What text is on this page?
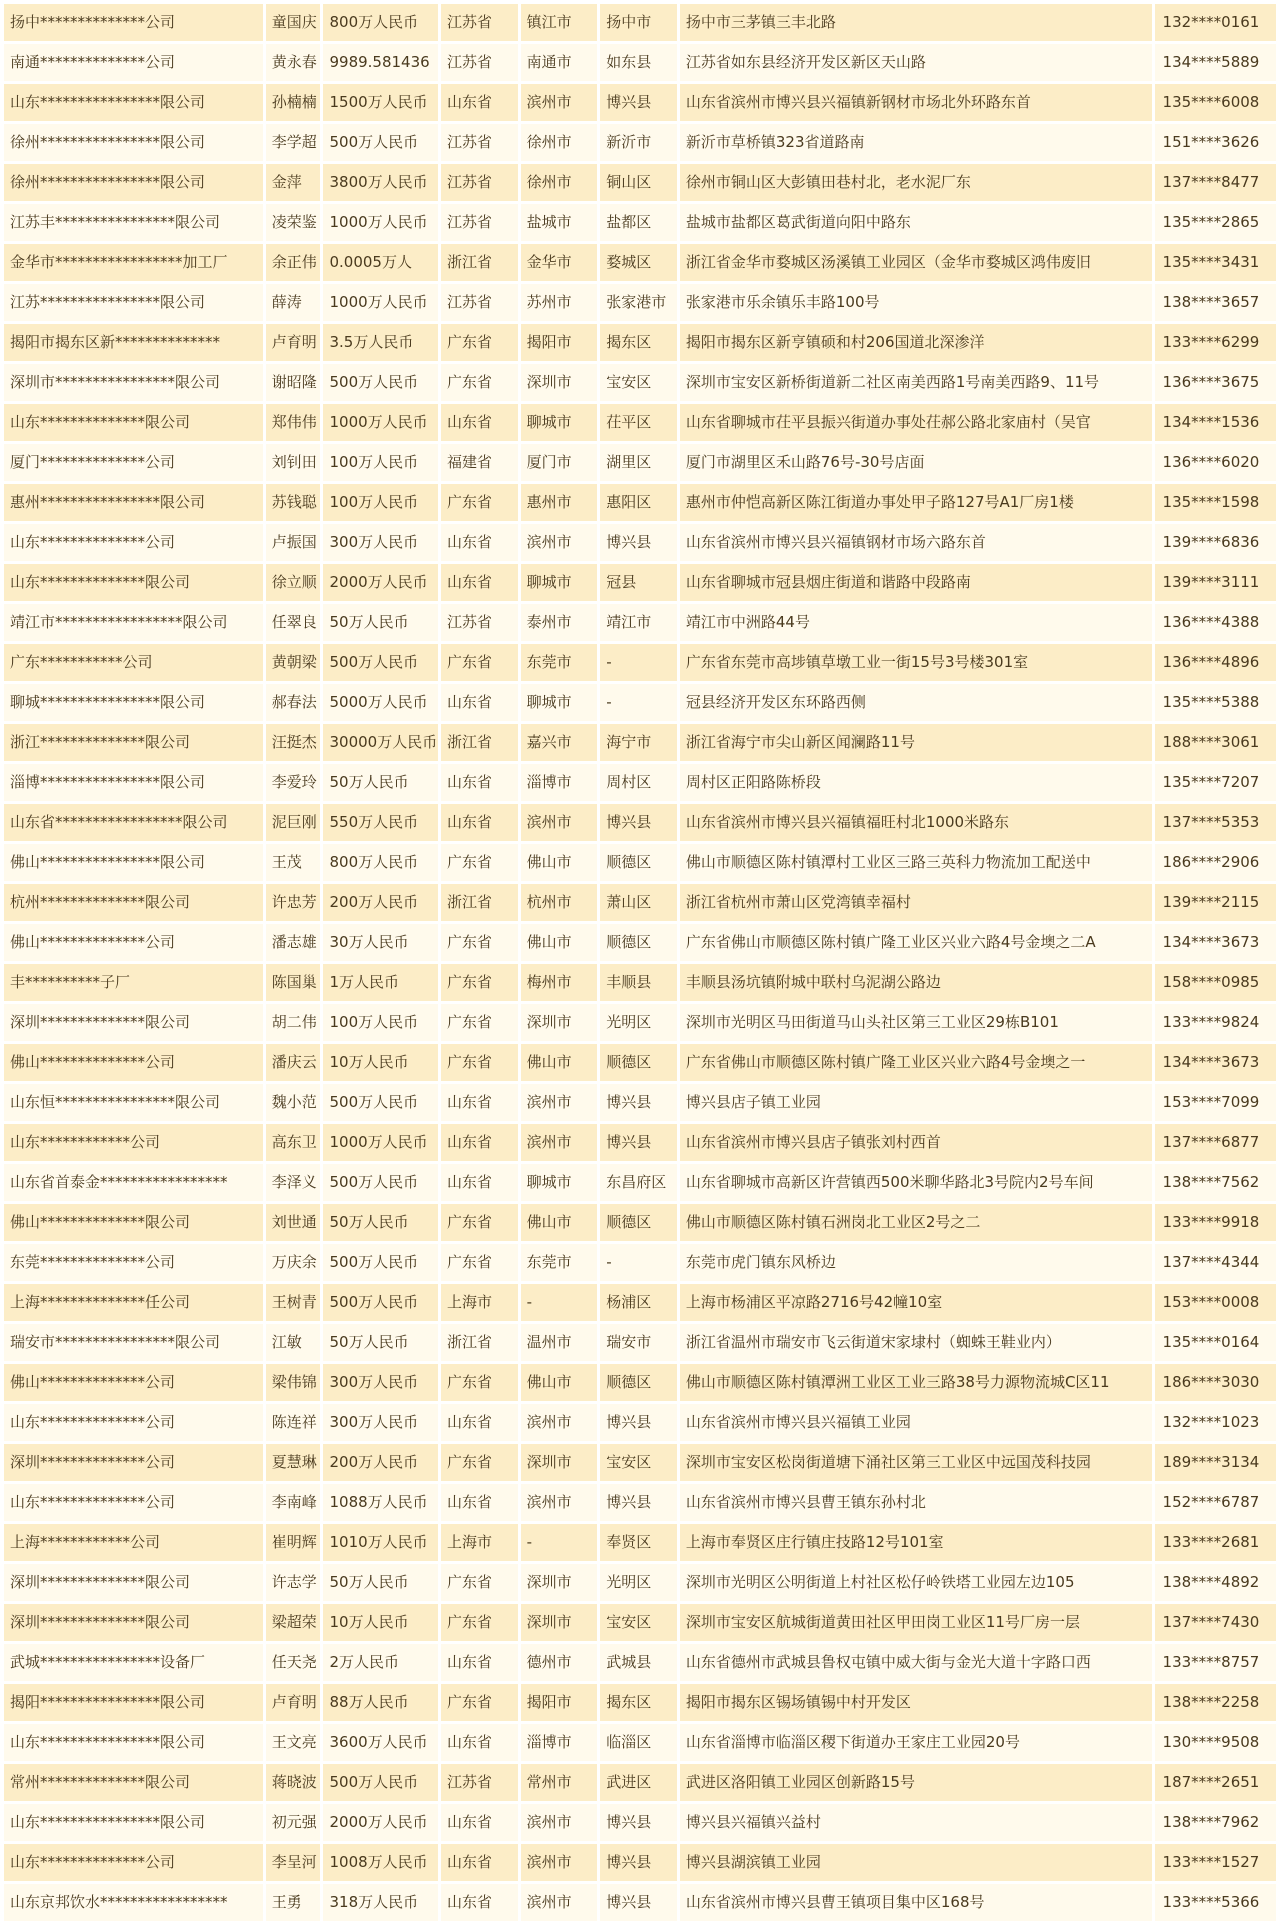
扬中**************公司	童国庆 800万人民币	江苏省	镇江市	扬中市	扬中市三茅镇三丰北路	132****0161
南通**************公司	黄永春 9989.581436	江苏省	南通市	如东县	江苏省如东县经济开发区新区天山路	134****5889
山东****************限公司	孙楠楠 1500万人民币	山东省	滨州市	博兴县	山东省滨州市博兴县兴福镇新钢材市场北外环路东首	135****6008
徐州****************限公司	李学超 500万人民币	江苏省	徐州市	新沂市	新沂市草桥镇323省道路南	151****3626
徐州****************限公司	金萍	3800万人民币	江苏省	徐州市	铜山区	徐州市铜山区大彭镇田巷村北，老水泥厂东	137****8477
江苏丰****************限公司	凌荣鉴 1000万人民币	江苏省	盐城市	盐都区	盐城市盐都区葛武街道向阳中路东	135****2865
金华市*****************加工厂	余正伟 0.0005万人	浙江省	金华市	婺城区	浙江省金华市婺城区汤溪镇工业园区（金华市婺城区鸿伟废旧	135****3431
江苏****************限公司	薛涛	1000万人民币	江苏省	苏州市	张家港市	张家港市乐余镇乐丰路100号	138****3657
揭阳市揭东区新**************	卢育明 3.5万人民币	广东省	揭阳市	揭东区	揭阳市揭东区新亨镇硕和村206国道北深渗洋	133****6299
深圳市****************限公司	谢昭隆 500万人民币	广东省	深圳市	宝安区	深圳市宝安区新桥街道新二社区南美西路1号南美西路9、11号	136****3675
山东**************限公司	郑伟伟 1000万人民币	山东省	聊城市	茌平区	山东省聊城市茌平县振兴街道办事处茌郝公路北家庙村（吴官	134****1536
厦门**************公司	刘钊田 100万人民币	福建省	厦门市	湖里区	厦门市湖里区禾山路76号-30号店面	136****6020
惠州****************限公司	苏钱聪 100万人民币	广东省	惠州市	惠阳区	惠州市仲恺高新区陈江街道办事处甲子路127号A1厂房1楼	135****1598
山东**************公司	卢振国 300万人民币	山东省	滨州市	博兴县	山东省滨州市博兴县兴福镇钢材市场六路东首	139****6836
山东**************限公司	徐立顺 2000万人民币	山东省	聊城市	冠县	山东省聊城市冠县烟庄街道和谐路中段路南	139****3111
靖江市*****************限公司	任翠良 50万人民币	江苏省	泰州市	靖江市	靖江市中洲路44号	136****4388
广东***********公司	黄朝梁 500万人民币	广东省	东莞市	-	广东省东莞市高埗镇草墩工业一街15号3号楼301室	136****4896
聊城****************限公司	郝春法 5000万人民币	山东省	聊城市	-	冠县经济开发区东环路西侧	135****5388
浙江**************限公司	汪挺杰 30000万人民币 浙江省	嘉兴市	海宁市	浙江省海宁市尖山新区闻澜路11号	188****3061
淄博****************限公司	李爱玲 50万人民币	山东省	淄博市	周村区	周村区正阳路陈桥段	135****7207
山东省*****************限公司	泥巨刚 550万人民币	山东省	滨州市	博兴县	山东省滨州市博兴县兴福镇福旺村北1000米路东	137****5353
佛山****************限公司	王茂	800万人民币	广东省	佛山市	顺德区	佛山市顺德区陈村镇潭村工业区三路三英科力物流加工配送中	186****2906
杭州**************限公司	许忠芳 200万人民币	浙江省	杭州市	萧山区	浙江省杭州市萧山区党湾镇幸福村	139****2115
佛山**************公司	潘志雄 30万人民币	广东省	佛山市	顺德区	广东省佛山市顺德区陈村镇广隆工业区兴业六路4号金墺之二A	134****3673
丰**********子厂	陈国巢 1万人民币	广东省	梅州市	丰顺县	丰顺县汤坑镇附城中联村乌泥湖公路边	158****0985
深圳**************限公司	胡二伟 100万人民币	广东省	深圳市	光明区	深圳市光明区马田街道马山头社区第三工业区29栋B101	133****9824
佛山**************公司	潘庆云 10万人民币	广东省	佛山市	顺德区	广东省佛山市顺德区陈村镇广隆工业区兴业六路4号金墺之一	134****3673
山东恒****************限公司	魏小范 500万人民币	山东省	滨州市	博兴县	博兴县店子镇工业园	153****7099
山东************公司	高东卫 1000万人民币	山东省	滨州市	博兴县	山东省滨州市博兴县店子镇张刘村西首	137****6877
山东省首泰金*****************	李泽义 500万人民币	山东省	聊城市	东昌府区	山东省聊城市高新区许营镇西500米聊华路北3号院内2号车间	138****7562
佛山**************限公司	刘世通 50万人民币	广东省	佛山市	顺德区	佛山市顺德区陈村镇石洲岗北工业区2号之二	133****9918
东莞**************公司	万庆余 500万人民币	广东省	东莞市	-	东莞市虎门镇东风桥边	137****4344
上海**************任公司	王树青 500万人民币	上海市	-	杨浦区	上海市杨浦区平凉路2716号42幢10室	153****0008
瑞安市****************限公司	江敏	50万人民币	浙江省	温州市	瑞安市	浙江省温州市瑞安市飞云街道宋家埭村（蜘蛛王鞋业内）	135****0164
佛山**************公司	梁伟锦 300万人民币	广东省	佛山市	顺德区	佛山市顺德区陈村镇潭洲工业区工业三路38号力源物流城C区11	186****3030
山东**************公司	陈连祥 300万人民币	山东省	滨州市	博兴县	山东省滨州市博兴县兴福镇工业园	132****1023
深圳**************公司	夏慧琳 200万人民币	广东省	深圳市	宝安区	深圳市宝安区松岗街道塘下涌社区第三工业区中远国茂科技园	189****3134
山东**************公司	李南峰 1088万人民币	山东省	滨州市	博兴县	山东省滨州市博兴县曹王镇东孙村北	152****6787
上海************公司	崔明辉 1010万人民币	上海市	-	奉贤区	上海市奉贤区庄行镇庄技路12号101室	133****2681
深圳**************限公司	许志学 50万人民币	广东省	深圳市	光明区	深圳市光明区公明街道上村社区松仔岭铁塔工业园左边105	138****4892
深圳**************限公司	梁超荣 10万人民币	广东省	深圳市	宝安区	深圳市宝安区航城街道黄田社区甲田岗工业区11号厂房一层	137****7430
武城****************设备厂	任天尧 2万人民币	山东省	德州市	武城县	山东省德州市武城县鲁权屯镇中威大街与金光大道十字路口西	133****8757
揭阳****************限公司	卢育明 88万人民币	广东省	揭阳市	揭东区	揭阳市揭东区锡场镇锡中村开发区	138****2258
山东****************限公司	王文亮 3600万人民币	山东省	淄博市	临淄区	山东省淄博市临淄区稷下街道办王家庄工业园20号	130****9508
常州**************限公司	蒋晓波 500万人民币	江苏省	常州市	武进区	武进区洛阳镇工业园区创新路15号	187****2651
山东****************限公司	初元强 2000万人民币	山东省	滨州市	博兴县	博兴县兴福镇兴益村	138****7962
山东**************公司	李呈河 1008万人民币	山东省	滨州市	博兴县	博兴县湖滨镇工业园	133****1527
山东京邦饮水*****************	王勇	318万人民币	山东省	滨州市	博兴县	山东省滨州市博兴县曹王镇项目集中区168号	133****5366
